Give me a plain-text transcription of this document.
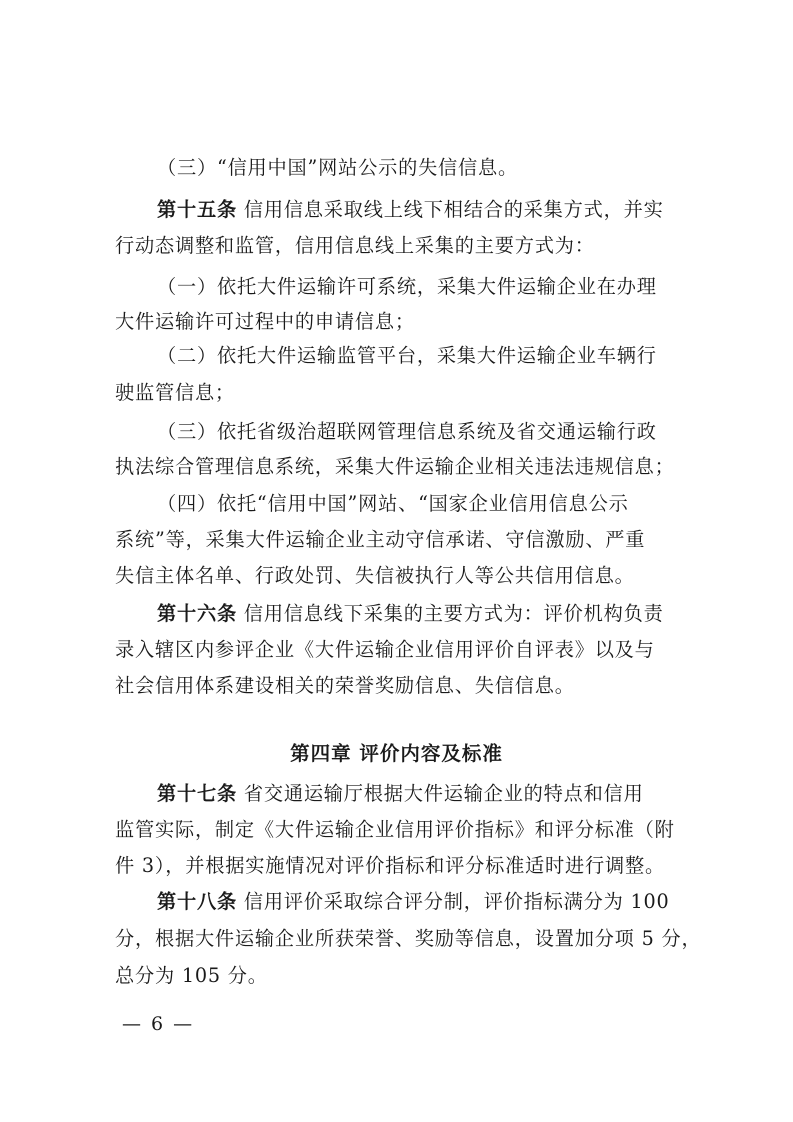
（三）“信用中国”网站公示的失信信息。
第十五条 信用信息采取线上线下相结合的采集方式，并实
行动态调整和监管，信用信息线上采集的主要方式为：
（一）依托大件运输许可系统，采集大件运输企业在办理
大件运输许可过程中的申请信息；
（二）依托大件运输监管平台，采集大件运输企业车辆行
驶监管信息；
（三）依托省级治超联网管理信息系统及省交通运输行政
执法综合管理信息系统，采集大件运输企业相关违法违规信息；
（四）依托“信用中国”网站、“国家企业信用信息公示
系统”等，采集大件运输企业主动守信承诺、守信激励、严重
失信主体名单、行政处罚、失信被执行人等公共信用信息。
第十六条 信用信息线下采集的主要方式为：评价机构负责
录入辖区内参评企业《大件运输企业信用评价自评表》以及与
社会信用体系建设相关的荣誉奖励信息、失信信息。
第四章 评价内容及标准
第十七条 省交通运输厅根据大件运输企业的特点和信用
监管实际，制定《大件运输企业信用评价指标》和评分标准（附
件 3），并根据实施情况对评价指标和评分标准适时进行调整。
第十八条 信用评价采取综合评分制，评价指标满分为 100
分，根据大件运输企业所获荣誉、奖励等信息，设置加分项 5 分，
总分为 105 分。
— 6 —
